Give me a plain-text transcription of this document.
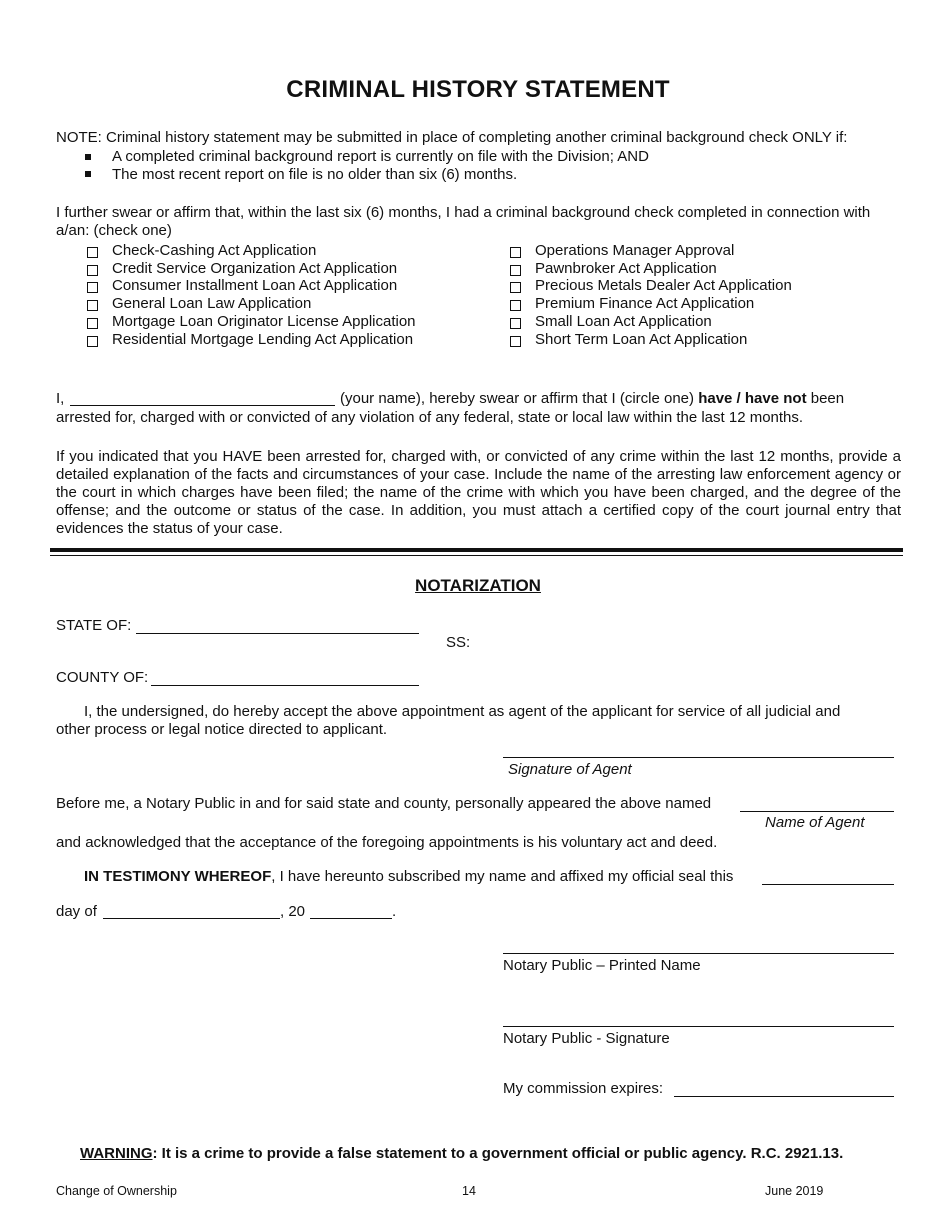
CRIMINAL HISTORY STATEMENT
NOTE: Criminal history statement may be submitted in place of completing another criminal background check ONLY if:
A completed criminal background report is currently on file with the Division; AND
The most recent report on file is no older than six (6) months.
I further swear or affirm that, within the last six (6) months, I had a criminal background check completed in connection with
a/an: (check one)
Check-Cashing Act Application
Credit Service Organization Act Application
Consumer Installment Loan Act Application
General Loan Law Application
Mortgage Loan Originator License Application
Residential Mortgage Lending Act Application
Operations Manager Approval
Pawnbroker Act Application
Precious Metals Dealer Act Application
Premium Finance Act Application
Small Loan Act Application
Short Term Loan Act Application
I,	(your name), hereby swear or affirm that I (circle one) have / have not been
arrested for, charged with or convicted of any violation of any federal, state or local law within the last 12 months.
If you indicated that you HAVE been arrested for, charged with, or convicted of any crime within the last 12 months, provide a detailed explanation of the facts and circumstances of your case. Include the name of the arresting law enforcement agency or the court in which charges have been filed; the name of the crime with which you have been charged, and the degree of the offense; and the outcome or status of the case. In addition, you must attach a certified copy of the court journal entry that evidences the status of your case.
NOTARIZATION
STATE OF:
SS:
COUNTY OF:
I, the undersigned, do hereby accept the above appointment as agent of the applicant for service of all judicial and
other process or legal notice directed to applicant.
Signature of Agent
Before me, a Notary Public in and for said state and county, personally appeared the above named
Name of Agent
and acknowledged that the acceptance of the foregoing appointments is his voluntary act and deed.
IN TESTIMONY WHEREOF, I have hereunto subscribed my name and affixed my official seal this
day of	, 20	.
Notary Public – Printed Name
Notary Public - Signature
My commission expires:
WARNING: It is a crime to provide a false statement to a government official or public agency. R.C. 2921.13.
Change of Ownership	14	June 2019
